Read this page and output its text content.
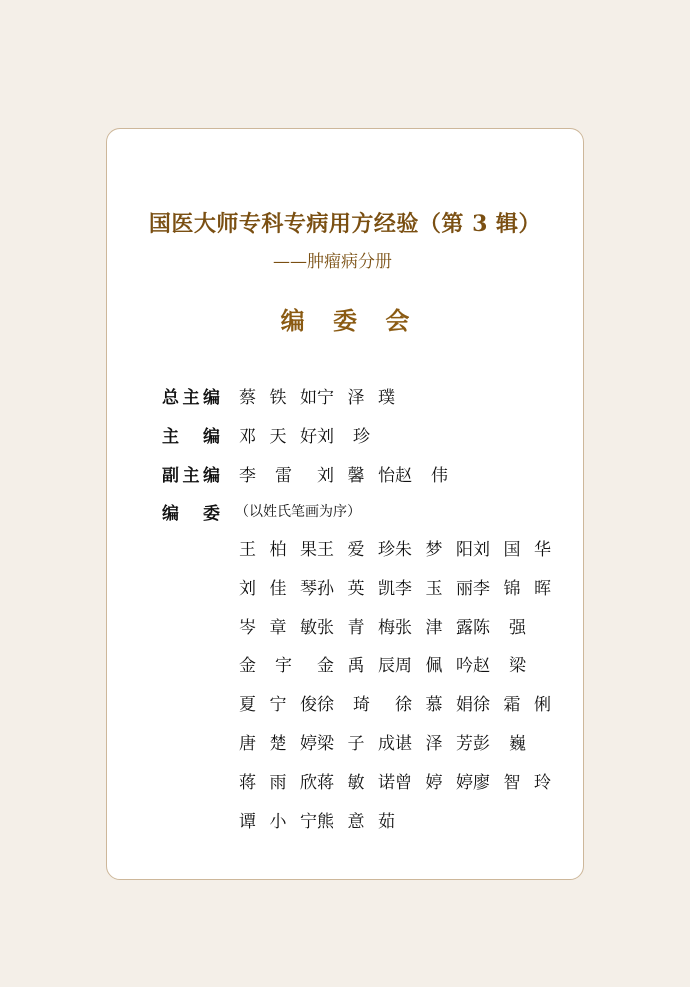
国医大师专科专病用方经验（第 3 辑）
——肿瘤病分册
编 委 会
总主编 蔡铁如宁泽璞
主 编 邓天好刘 珍
副主编 李 雷 刘馨怡赵 伟
编 委 （以姓氏笔画为序）
王柏果王爱珍朱梦阳刘国华
刘佳琴孙英凯李玉丽李锦晖
岑章敏张青梅张津露陈 强
金 宇 金禹辰周佩吟赵 梁
夏宁俊徐 琦 徐慕娟徐霜俐
唐楚婷梁子成谌泽芳彭 巍
蒋雨欣蒋敏诺曾婷婷廖智玲
谭小宁熊意茹
